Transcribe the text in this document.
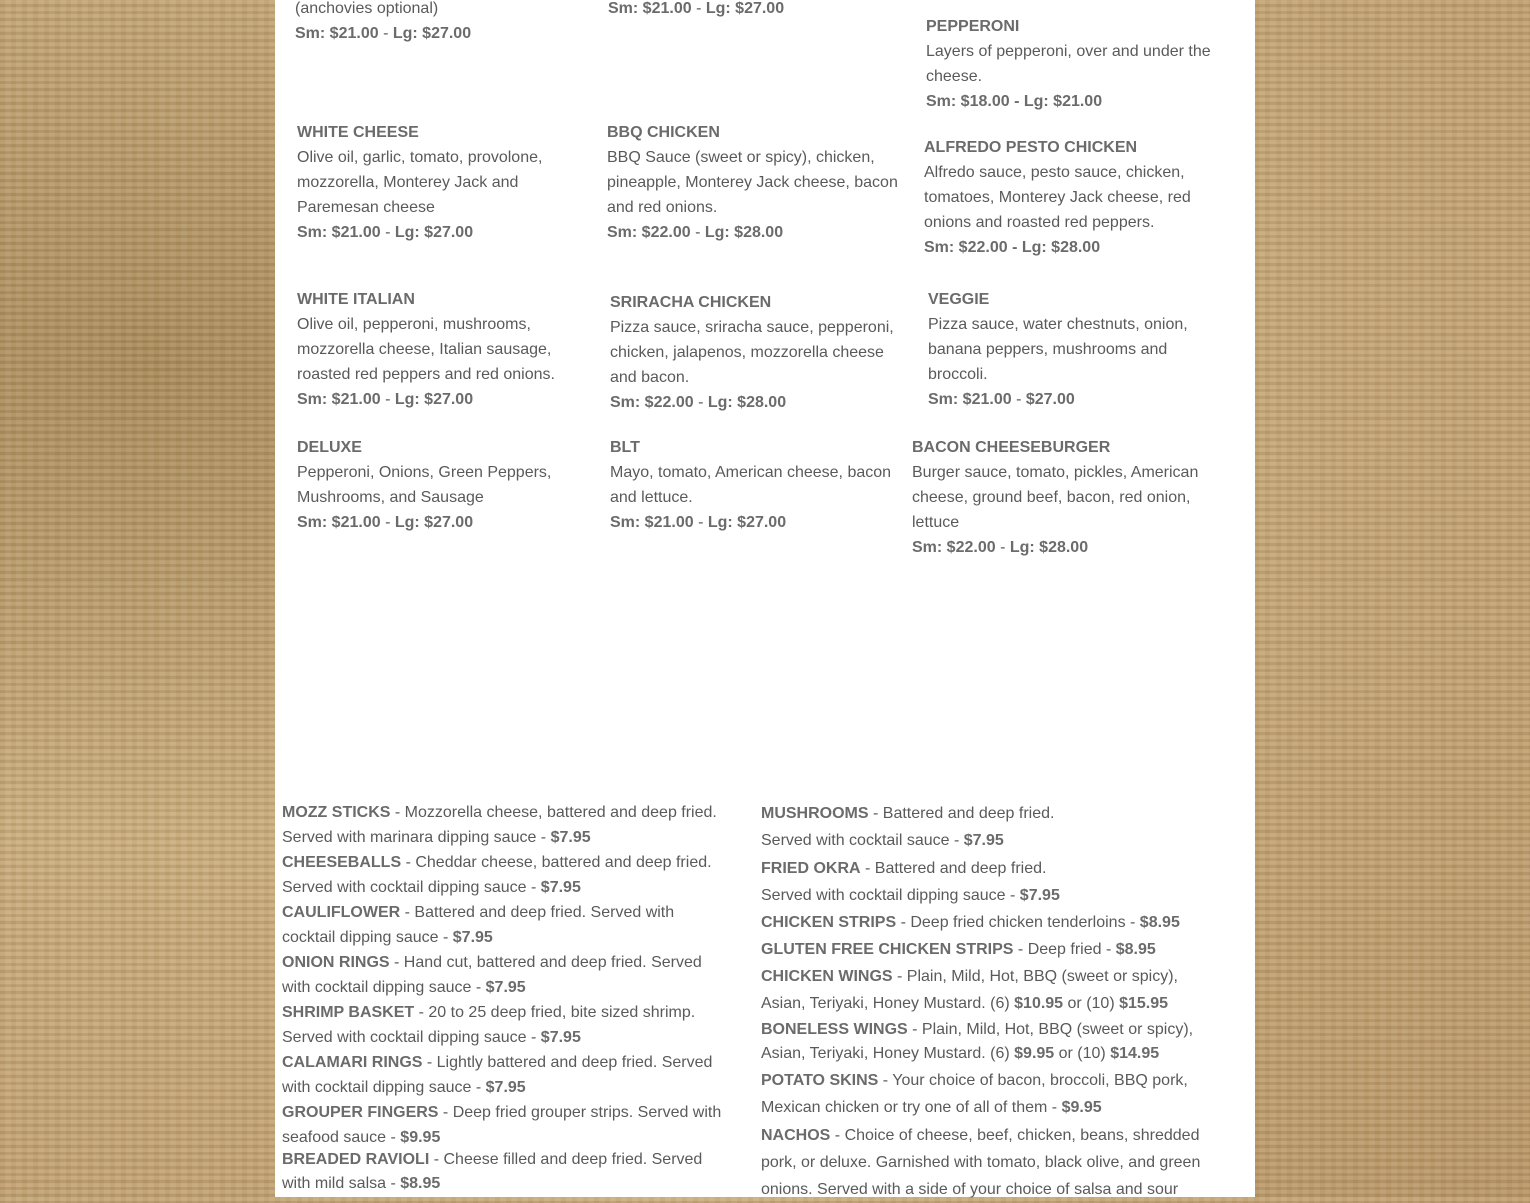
(anchovies optional)
Sm: $21.00 - Lg: $27.00
Sm: $21.00 - Lg: $27.00
PEPPERONI
Layers of pepperoni, over and under the cheese.
Sm: $18.00 - Lg: $21.00
WHITE CHEESE
Olive oil, garlic, tomato, provolone, mozzorella, Monterey Jack and Paremesan cheese
Sm: $21.00 - Lg: $27.00
BBQ CHICKEN
BBQ Sauce (sweet or spicy), chicken, pineapple, Monterey Jack cheese, bacon and red onions.
Sm: $22.00 - Lg: $28.00
ALFREDO PESTO CHICKEN
Alfredo sauce, pesto sauce, chicken, tomatoes, Monterey Jack cheese, red onions and roasted red peppers.
Sm: $22.00 - Lg: $28.00
WHITE ITALIAN
Olive oil, pepperoni, mushrooms, mozzorella cheese, Italian sausage, roasted red peppers and red onions.
Sm: $21.00 - Lg: $27.00
SRIRACHA CHICKEN
Pizza sauce, sriracha sauce, pepperoni, chicken, jalapenos, mozzorella cheese and bacon.
Sm: $22.00 - Lg: $28.00
VEGGIE
Pizza sauce, water chestnuts, onion, banana peppers, mushrooms and broccoli.
Sm: $21.00 - $27.00
DELUXE
Pepperoni, Onions, Green Peppers, Mushrooms, and Sausage
Sm: $21.00 - Lg: $27.00
BLT
Mayo, tomato, American cheese, bacon and lettuce.
Sm: $21.00 - Lg: $27.00
BACON CHEESEBURGER
Burger sauce, tomato, pickles, American cheese, ground beef, bacon, red onion, lettuce
Sm: $22.00 - Lg: $28.00
MOZZ STICKS - Mozzorella cheese, battered and deep fried. Served with marinara dipping sauce - $7.95
CHEESEBALLS - Cheddar cheese, battered and deep fried. Served with cocktail dipping sauce - $7.95
CAULIFLOWER - Battered and deep fried. Served with cocktail dipping sauce - $7.95
ONION RINGS - Hand cut, battered and deep fried. Served with cocktail dipping sauce - $7.95
SHRIMP BASKET - 20 to 25 deep fried, bite sized shrimp. Served with cocktail dipping sauce - $7.95
CALAMARI RINGS - Lightly battered and deep fried. Served with cocktail dipping sauce - $7.95
GROUPER FINGERS - Deep fried grouper strips. Served with seafood sauce - $9.95
BREADED RAVIOLI - Cheese filled and deep fried. Served with mild salsa - $8.95
MUSHROOMS - Battered and deep fried. Served with cocktail sauce - $7.95
FRIED OKRA - Battered and deep fried. Served with cocktail dipping sauce - $7.95
CHICKEN STRIPS - Deep fried chicken tenderloins - $8.95
GLUTEN FREE CHICKEN STRIPS - Deep fried - $8.95
CHICKEN WINGS - Plain, Mild, Hot, BBQ (sweet or spicy), Asian, Teriyaki, Honey Mustard. (6) $10.95 or (10) $15.95
BONELESS WINGS - Plain, Mild, Hot, BBQ (sweet or spicy), Asian, Teriyaki, Honey Mustard. (6) $9.95 or (10) $14.95
POTATO SKINS - Your choice of bacon, broccoli, BBQ pork, Mexican chicken or try one of all of them - $9.95
NACHOS - Choice of cheese, beef, chicken, beans, shredded pork, or deluxe. Garnished with tomato, black olive, and green onions. Served with a side of your choice of salsa and sour
